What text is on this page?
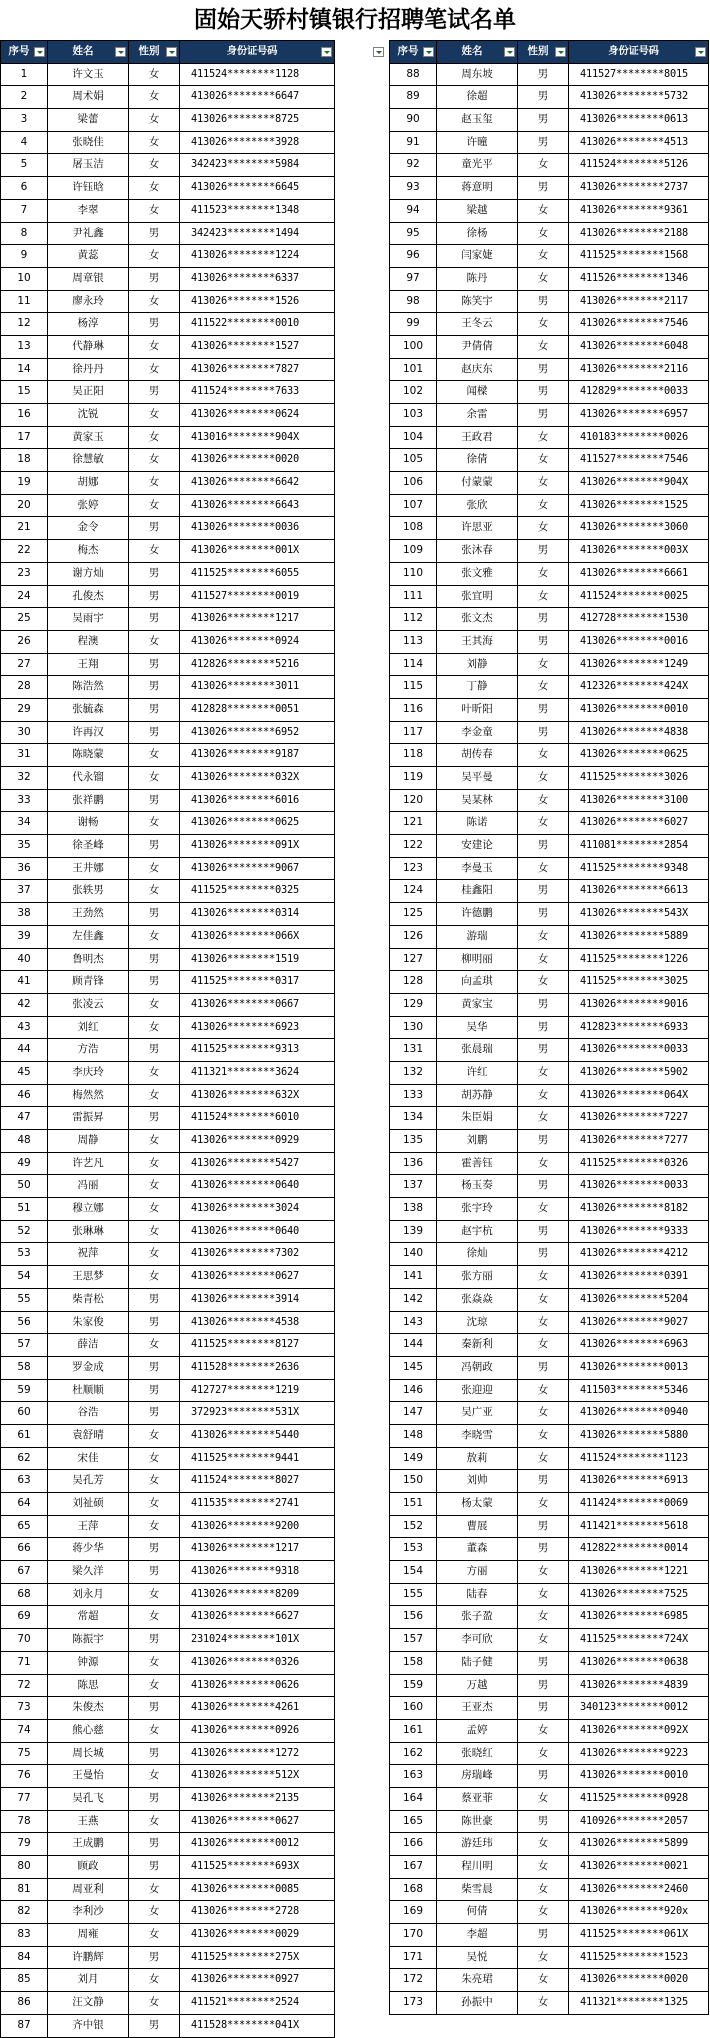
固始天骄村镇银行招聘笔试名单
序号	姓名	性别	身份证号码
1	许文玉	女	411524********1128
2	周术娟	女	413026********6647
3	梁蕾	女	413026********8725
4	张晓佳	女	413026********3928
5	屠玉洁	女	342423********5984
6	许钰晗	女	413026********6645
7	李翠	女	411523********1348
8	尹礼鑫	男	342423********1494
9	黄蕊	女	413026********1224
10	周章银	男	413026********6337
11	廖永玲	女	413026********1526
12	杨淳	男	411522********0010
13	代静琳	女	413026********1527
14	徐丹丹	女	413026********7827
15	吴正阳	男	411524********7633
16	沈锐	女	413026********0624
17	黄家玉	女	413016********904X
18	徐慧敏	女	413026********0020
19	胡娜	女	413026********6642
20	张婷	女	413026********6643
21	金令	男	413026********0036
22	梅杰	女	413026********001X
23	谢方灿	男	411525********6055
24	孔俊杰	男	411527********0019
25	吴雨宇	男	413026********1217
26	程澳	女	413026********0924
27	王翔	男	412826********5216
28	陈浩然	男	413026********3011
29	张毓森	男	412828********0051
30	许再汉	男	413026********6952
31	陈晓蒙	女	413026********9187
32	代永镏	女	413026********032X
33	张祥鹏	男	413026********6016
34	谢畅	女	413026********0625
35	徐圣峰	男	413026********091X
36	王井娜	女	413026********9067
37	张轶男	女	411525********0325
38	王劲然	男	413026********0314
39	左佳鑫	女	413026********066X
40	鲁明杰	男	413026********1519
41	顾青锋	男	411525********0317
42	张凌云	女	413026********0667
43	刘红	女	413026********6923
44	方浩	男	411525********9313
45	李庆玲	女	411321********3624
46	梅然然	女	413026********632X
47	雷振昇	男	411524********6010
48	周静	女	413026********0929
49	许艺凡	女	413026********5427
50	冯丽	女	413026********0640
51	穆立娜	女	413026********3024
52	张琳琳	女	413026********0640
53	祝萍	女	413026********7302
54	王思梦	女	413026********0627
55	柴青松	男	413026********3914
56	朱家俊	男	413026********4538
57	薛洁	女	411525********8127
58	罗金成	男	411528********2636
59	杜顺顺	男	412727********1219
60	谷浩	男	372923********531X
61	袁舒晴	女	413026********5440
62	宋佳	女	411525********9441
63	吴孔芳	女	411524********8027
64	刘祉硕	女	411535********2741
65	王萍	女	413026********9200
66	蒋少华	男	413026********1217
67	梁久洋	男	413026********9318
68	刘永月	女	413026********8209
69	常超	女	413026********6627
70	陈振宇	男	231024********101X
71	钟源	女	413026********0326
72	陈思	女	413026********0626
73	朱俊杰	男	413026********4261
74	熊心慈	女	413026********0926
75	周长城	男	413026********1272
76	王曼怡	女	413026********512X
77	吴孔飞	男	413026********2135
78	王燕	女	413026********0627
79	王成鹏	男	413026********0012
80	顾政	男	411525********693X
81	周亚利	女	413026********0085
82	李利沙	女	413026********2728
83	周雍	女	413026********0029
84	许鹏辉	男	411525********275X
85	刘月	女	413026********0927
86	汪文静	女	411521********2524
87	齐中银	男	411528********041X
序号	姓名	性别	身份证号码
88	周东坡	男	411527********8015
89	徐超	男	413026********5732
90	赵玉玺	男	413026********0613
91	许曈	男	413026********4513
92	童光平	女	411524********5126
93	蒋意明	男	413026********2737
94	梁越	女	413026********9361
95	徐杨	女	413026********2188
96	闫家婕	女	411525********1568
97	陈丹	女	411526********1346
98	陈笑宇	男	413026********2117
99	王冬云	女	413026********7546
100	尹倩倩	女	413026********6048
101	赵庆东	男	413026********2116
102	闻樑	男	412829********0033
103	余雷	男	413026********6957
104	王政君	女	410183********0026
105	徐倩	女	411527********7546
106	付蒙蒙	女	413026********904X
107	张欣	女	413026********1525
108	许思亚	女	413026********3060
109	张沐春	男	413026********003X
110	张文雅	女	413026********6661
111	张宜明	女	411524********0025
112	张文杰	男	412728********1530
113	王其海	男	413026********0016
114	刘静	女	413026********1249
115	丁静	女	412326********424X
116	叶昕阳	男	413026********0010
117	李金童	男	413026********4838
118	胡传春	女	413026********0625
119	吴平曼	女	411525********3026
120	吴某林	女	413026********3100
121	陈诺	女	413026********6027
122	安建论	男	411081********2854
123	李曼玉	女	411525********9348
124	桂鑫阳	男	413026********6613
125	许德鹏	男	413026********543X
126	游瑞	女	413026********5889
127	柳明丽	女	411525********1226
128	向孟琪	女	411525********3025
129	黄家宝	男	413026********9016
130	吴华	男	412823********6933
131	张晨瑞	男	413026********0033
132	许红	女	413026********5902
133	胡苏静	女	413026********064X
134	朱臣娟	女	413026********7227
135	刘鹏	男	413026********7277
136	霍善钰	女	411525********0326
137	杨玉奏	男	413026********0033
138	张宇玲	女	413026********8182
139	赵宇杭	男	413026********9333
140	徐灿	男	413026********4212
141	张方丽	女	413026********0391
142	张焱焱	女	413026********5204
143	沈琼	女	413026********9027
144	秦新利	女	413026********6963
145	冯朝政	男	413026********0013
146	张迎迎	女	411503********5346
147	吴广亚	女	413026********0940
148	李晓雪	女	413026********5880
149	敖莉	女	411524********1123
150	刘帅	男	413026********6913
151	杨太蒙	女	411424********0069
152	曹展	男	411421********5618
153	董森	男	412822********0014
154	方丽	女	413026********1221
155	陆春	女	413026********7525
156	张子盈	女	413026********6985
157	李可欣	女	411525********724X
158	陆子健	男	413026********0638
159	万越	男	413026********4839
160	王亚杰	男	340123********0012
161	孟婷	女	413026********092X
162	张晓红	女	413026********9223
163	房瑞峰	男	413026********0010
164	蔡亚菲	女	411525********0928
165	陈世豪	男	410926********2057
166	游廷玮	女	413026********5899
167	程川明	女	413026********0021
168	柴雪晨	女	413026********2460
169	何倩	女	413026********920x
170	李超	男	411525********061X
171	吴悦	女	411525********1523
172	朱亮珺	女	413026********0020
173	孙振中	女	411321********1325
